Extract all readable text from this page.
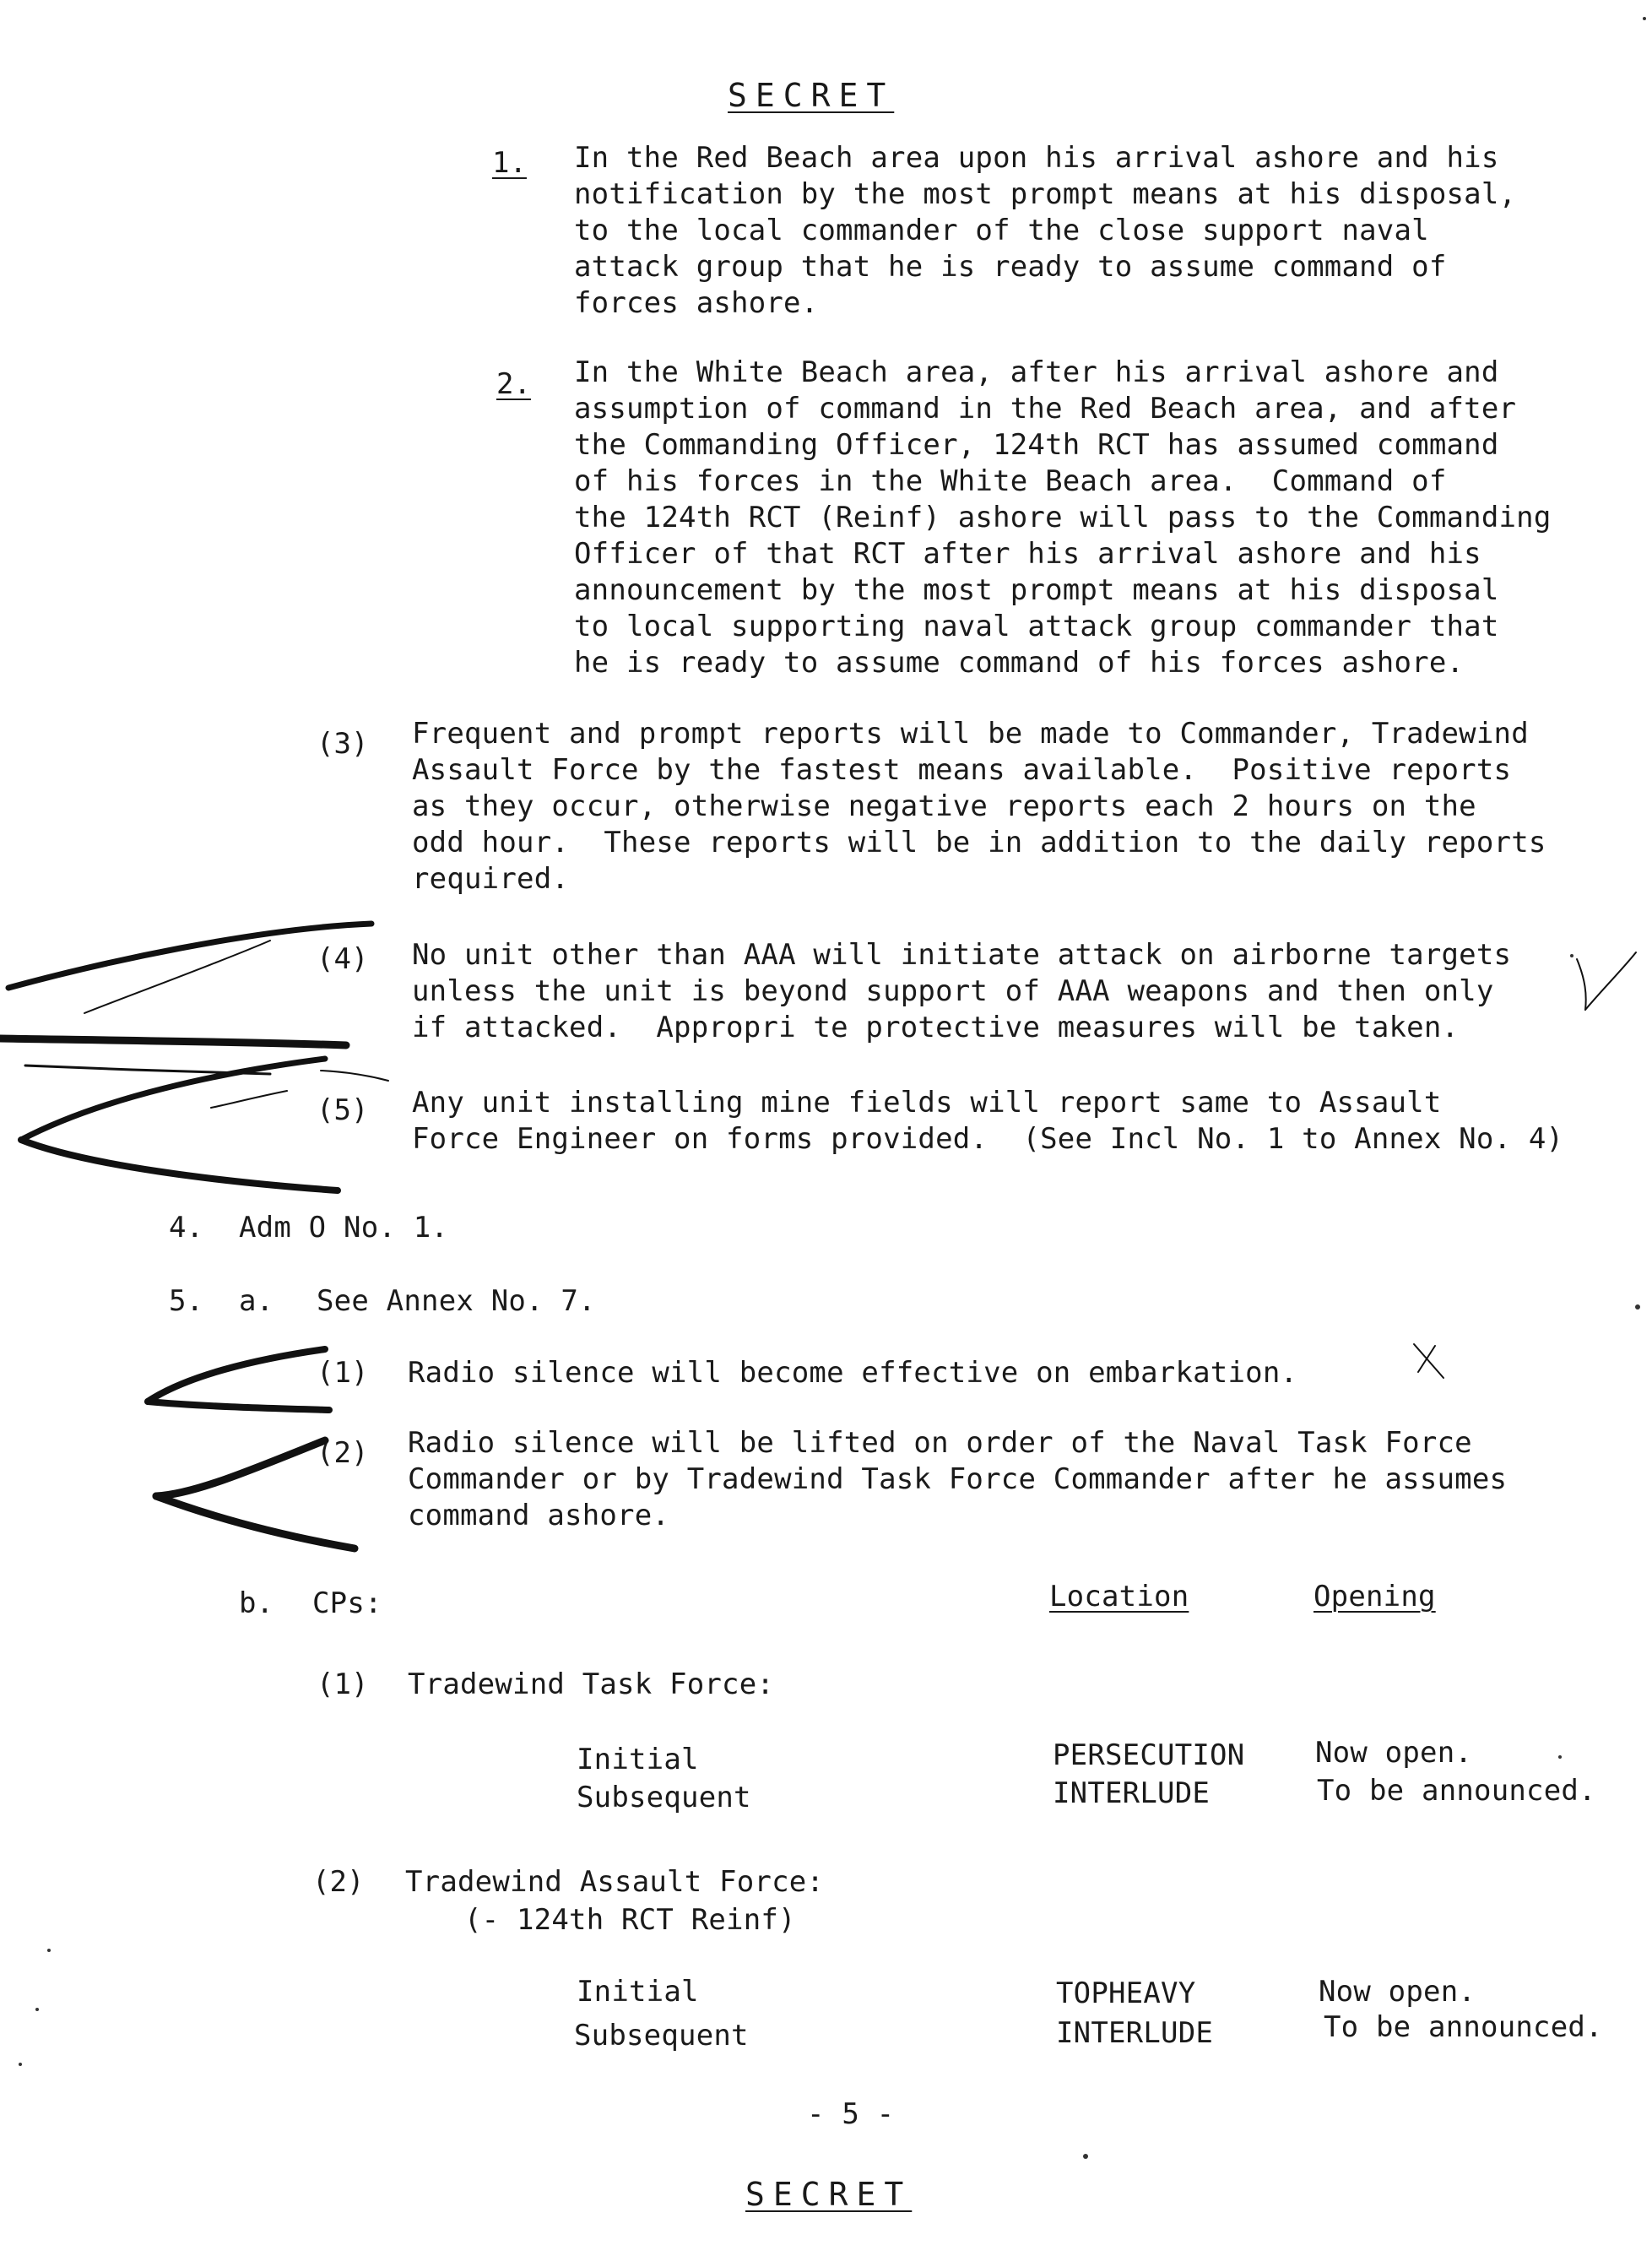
SECRET
1. In the Red Beach area upon his arrival ashore and his
notification by the most prompt means at his disposal,
to the local commander of the close support naval
attack group that he is ready to assume command of
forces ashore.
2. In the White Beach area, after his arrival ashore and
assumption of command in the Red Beach area, and after
the Commanding Officer, 124th RCT has assumed command
of his forces in the White Beach area.  Command of
the 124th RCT (Reinf) ashore will pass to the Commanding
Officer of that RCT after his arrival ashore and his
announcement by the most prompt means at his disposal
to local supporting naval attack group commander that
he is ready to assume command of his forces ashore.
(3) Frequent and prompt reports will be made to Commander, Tradewind
Assault Force by the fastest means available.  Positive reports
as they occur, otherwise negative reports each 2 hours on the
odd hour.  These reports will be in addition to the daily reports
required.
(4) No unit other than AAA will initiate attack on airborne targets
unless the unit is beyond support of AAA weapons and then only
if attacked.  Appropri te protective measures will be taken.
(5) Any unit installing mine fields will report same to Assault
Force Engineer on forms provided.  (See Incl No. 1 to Annex No. 4)
4. Adm O No. 1.
5. a. See Annex No. 7.
(1) Radio silence will become effective on embarkation.
(2) Radio silence will be lifted on order of the Naval Task Force
Commander or by Tradewind Task Force Commander after he assumes
command ashore.
b. CPs:	Location	Opening
(1) Tradewind Task Force:
Initial	PERSECUTION Now open.
Subsequent	INTERLUDE	To be announced.
(2) Tradewind Assault Force:
(- 124th RCT Reinf)
Initial	TOPHEAVY	Now open.
Subsequent	INTERLUDE	To be announced.
- 5 -
SECRET
